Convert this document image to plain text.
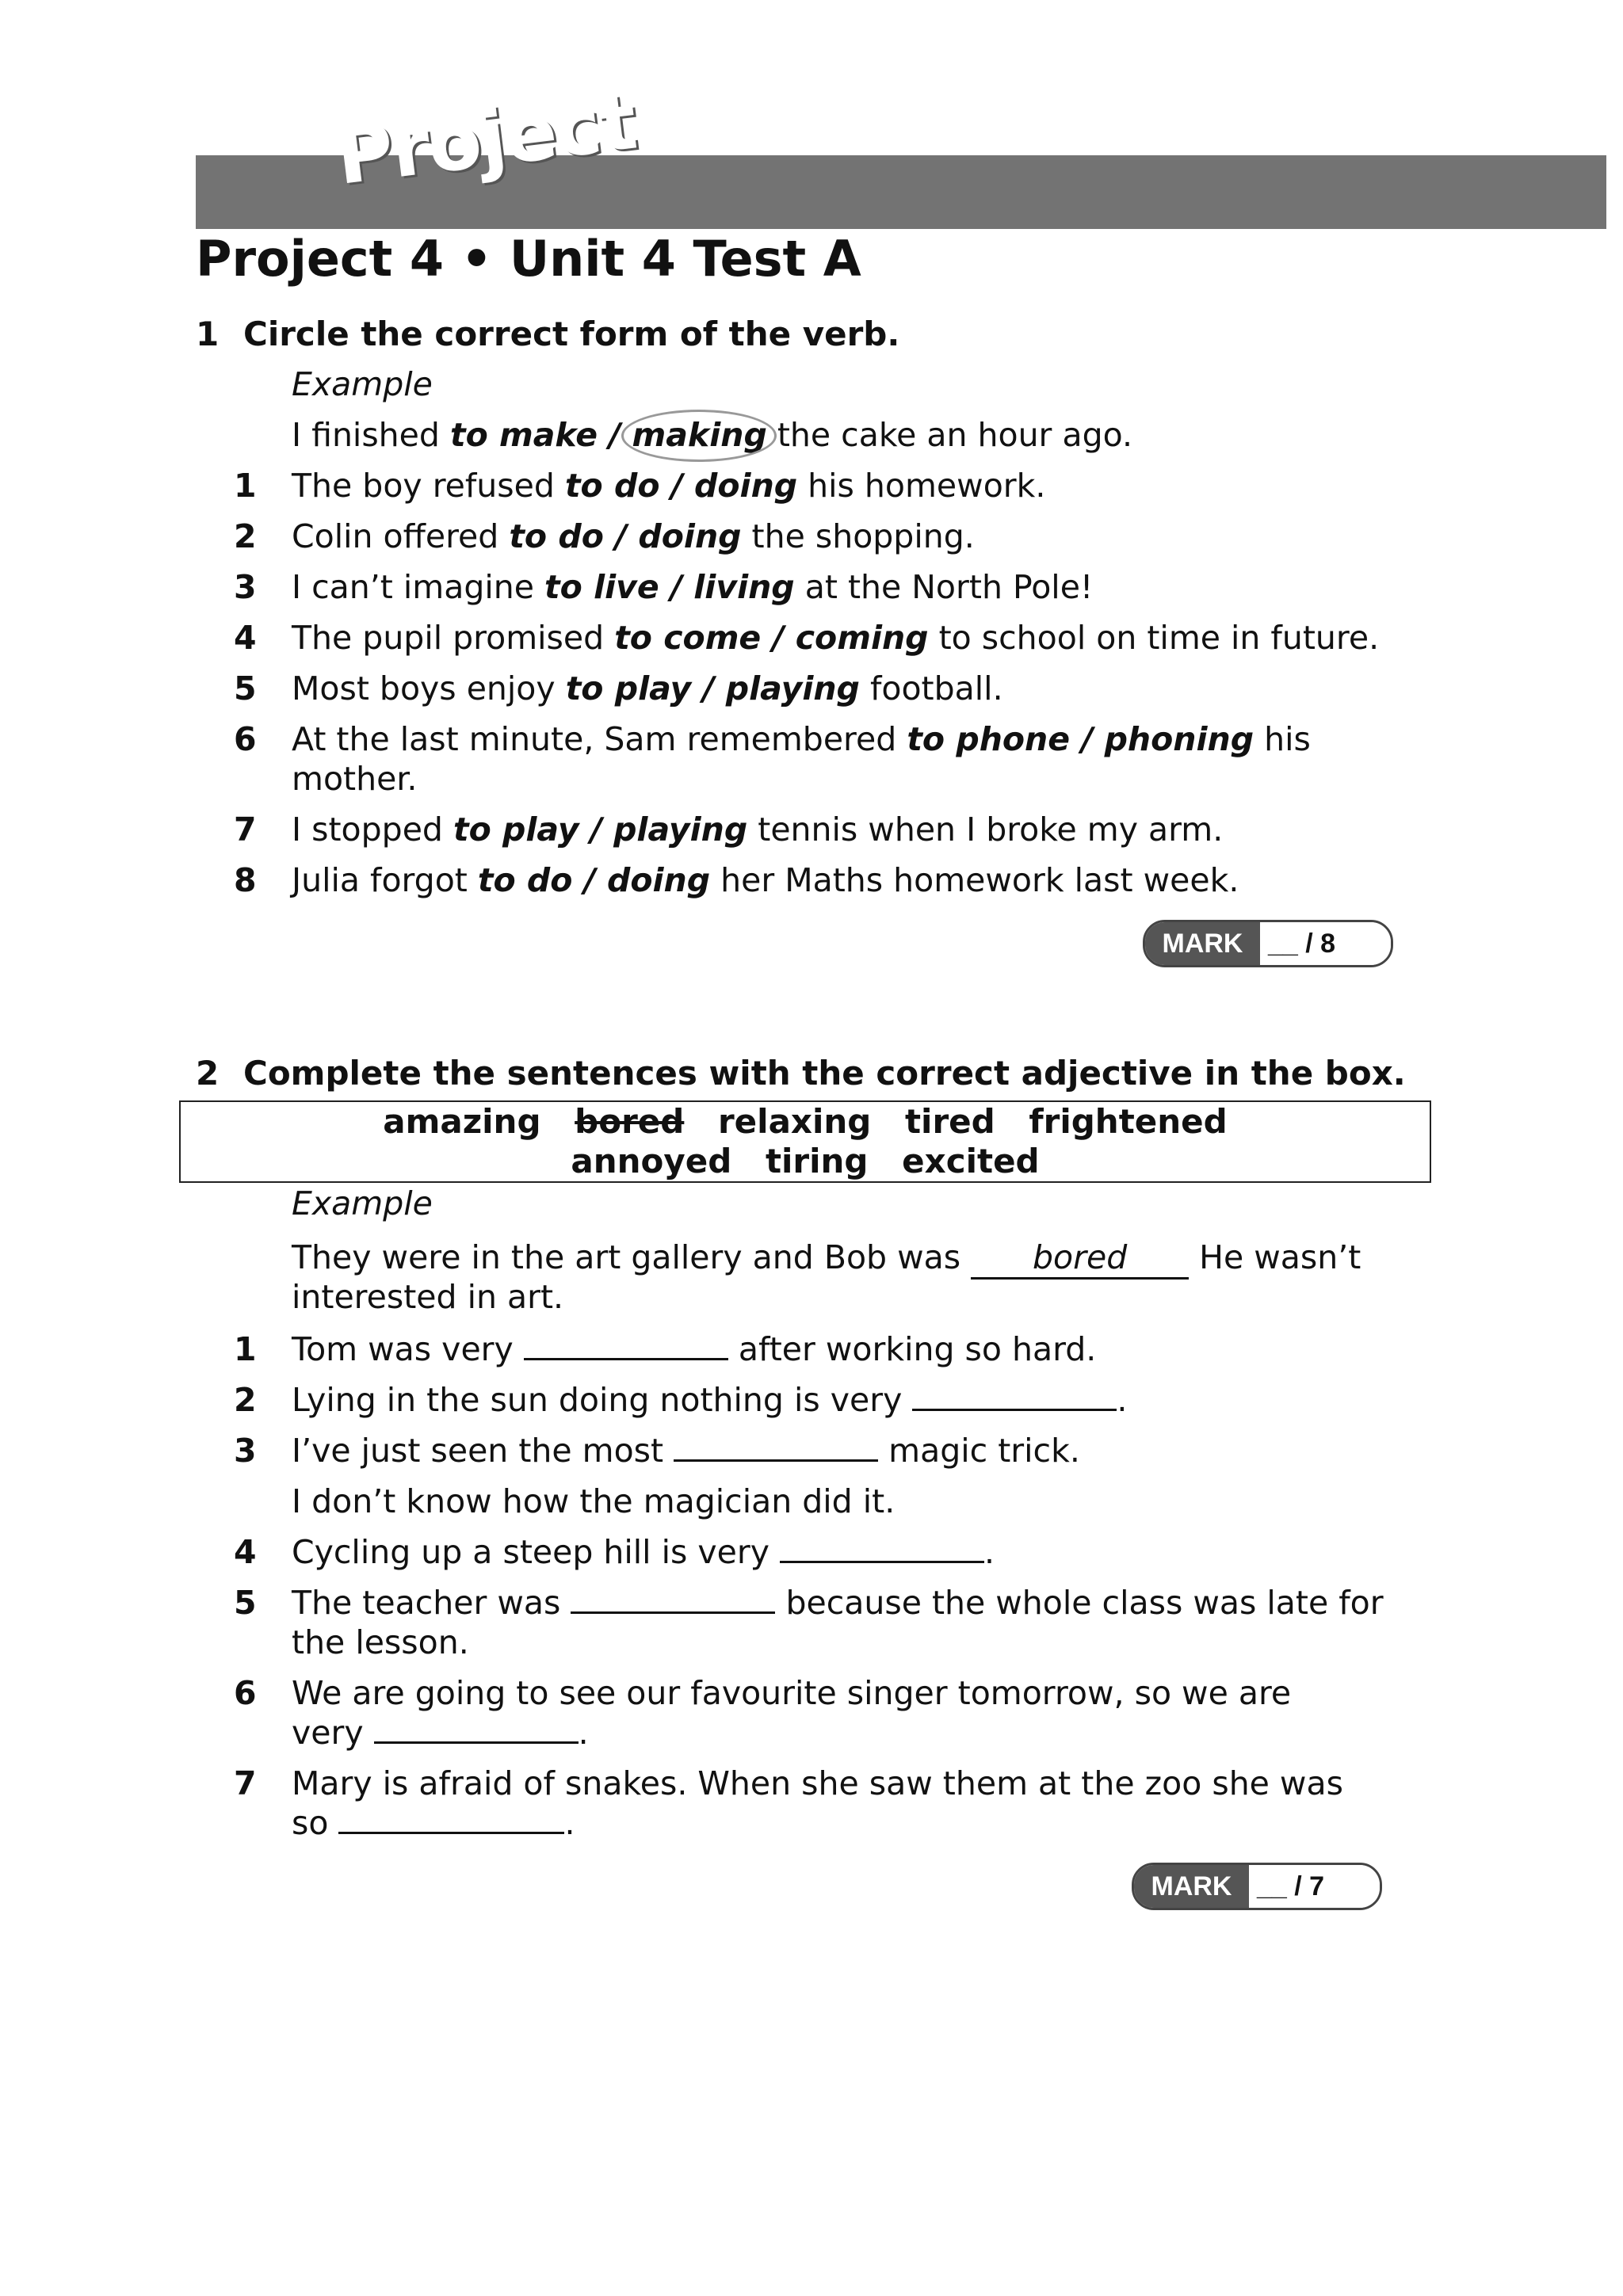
Project
Project 4 • Unit 4 Test A
1 Circle the correct form of the verb.
Example
I finished to make / making the cake an hour ago.
1 The boy refused to do / doing his homework.
2 Colin offered to do / doing the shopping.
3 I can’t imagine to live / living at the North Pole!
4 The pupil promised to come / coming to school on time in future.
5 Most boys enjoy to play / playing football.
6 At the last minute, Sam remembered to phone / phoning his
mother.
7 I stopped to play / playing tennis when I broke my arm.
8 Julia forgot to do / doing her Maths homework last week.
MARK __ / 8
2 Complete the sentences with the correct adjective in the box.
amazing bored relaxing tired frightened
annoyed tiring excited
Example
They were in the art gallery and Bob was bored He wasn’t
interested in art.
1 Tom was very	after working so hard.
2 Lying in the sun doing nothing is very	.
3 I’ve just seen the most	magic trick.
I don’t know how the magician did it.
4 Cycling up a steep hill is very	.
5 The teacher was	because the whole class was late for
the lesson.
6 We are going to see our favourite singer tomorrow, so we are
very	.
7 Mary is afraid of snakes. When she saw them at the zoo she was
so	.
MARK __ / 7
